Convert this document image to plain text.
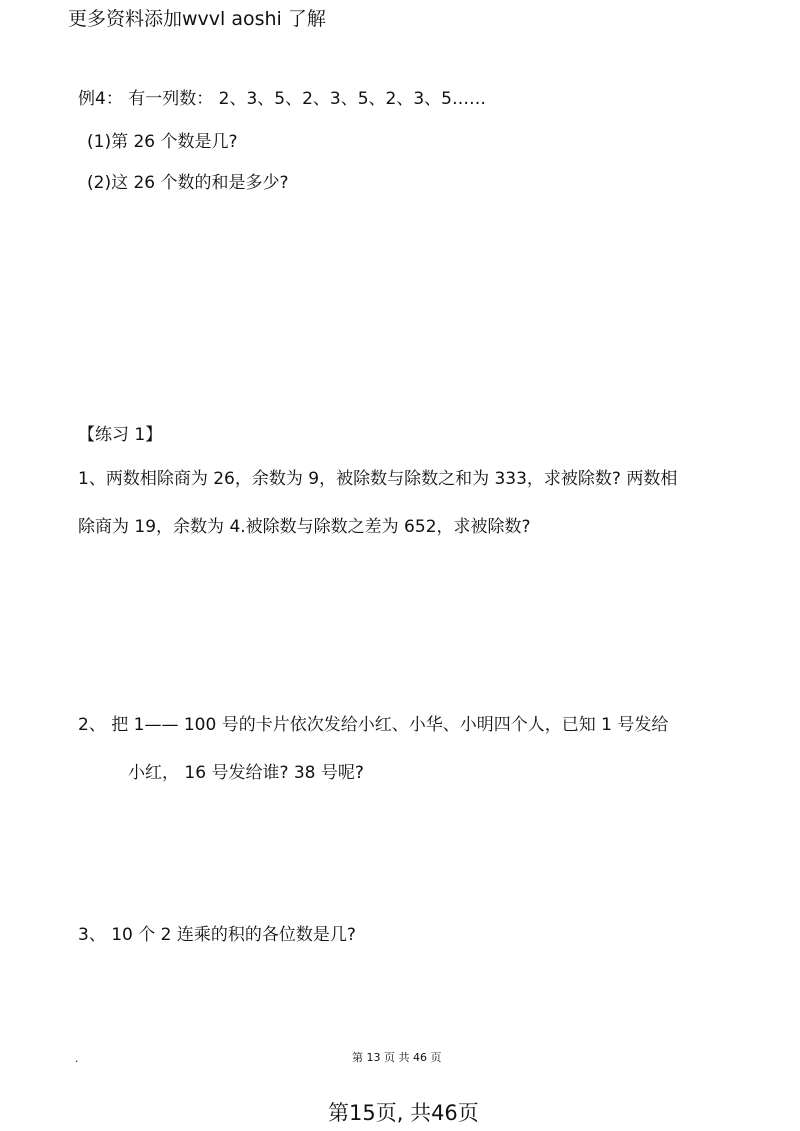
更多资料添加wvvl aoshi 了解
例4： 有一列数： 2、3、5、2、3、5、2、3、5……
(1)第 26 个数是几?
(2)这 26 个数的和是多少?
【练习 1】
1、两数相除商为 26，余数为 9，被除数与除数之和为 333，求被除数? 两数相
除商为 19，余数为 4.被除数与除数之差为 652，求被除数?
2、 把 1—— 100 号的卡片依次发给小红、小华、小明四个人，已知 1 号发给
小红， 16 号发给谁? 38 号呢?
3、 10 个 2 连乘的积的各位数是几?
.	第 13 页 共 46 页
第15页, 共46页
